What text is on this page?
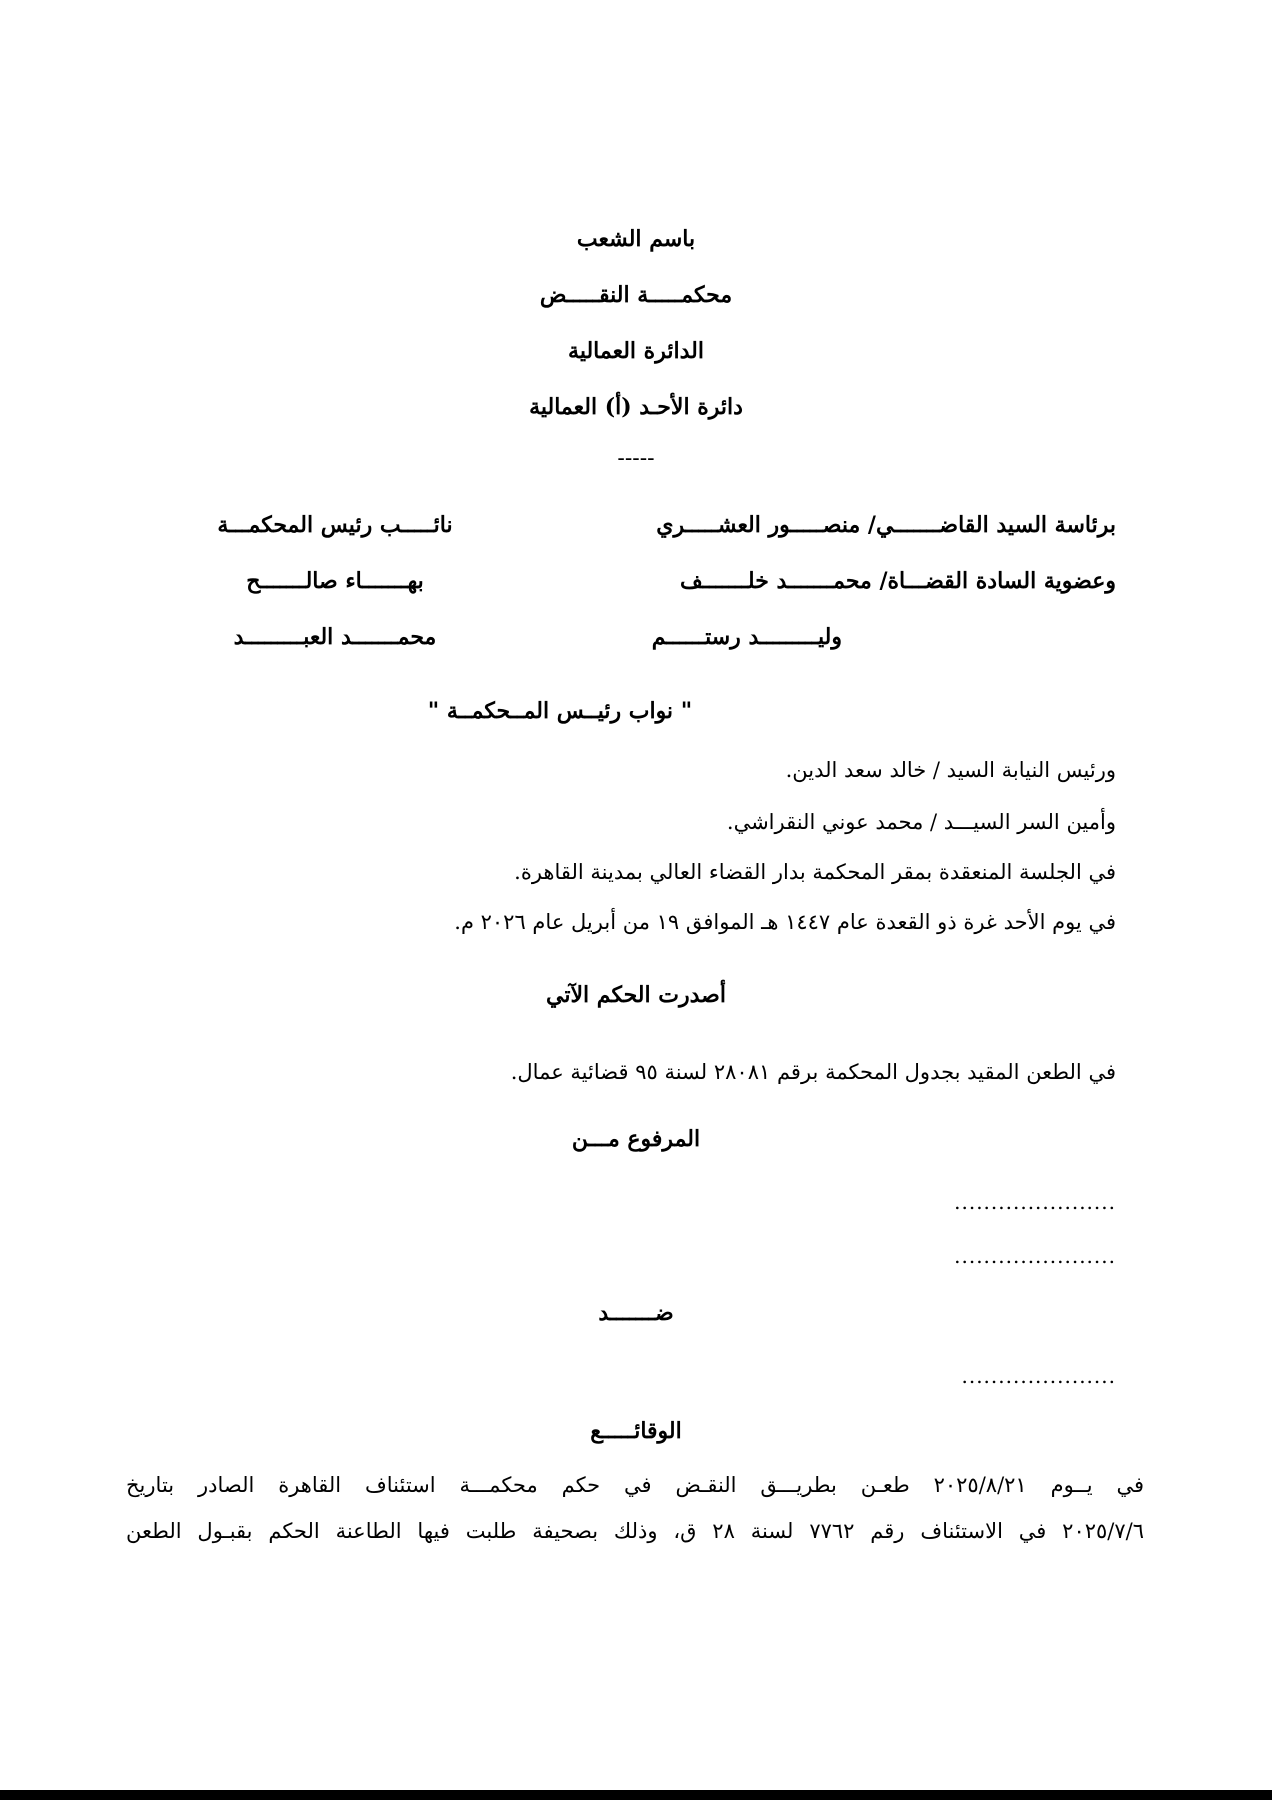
باسم الشعب
محكمـــــة النقـــــض
الدائرة العمالية
دائرة الأحـد (أ) العمالية
-----
برئاسة السيد القاضـــــــي/ منصـــــور العشـــــري
نائـــــب رئيس المحكمـــة
وعضوية السادة القضـــاة/ محمـــــــد خلـــــــف
بهـــــــاء صالـــــــح
وليـــــــــد رستــــــم
محمـــــــد العبـــــــــد
" نواب رئيــس المــحكمــة "
ورئيس النيابة السيد / خالد سعد الدين.
وأمين السر السيـــد / محمد عوني النقراشي.
في الجلسة المنعقدة بمقر المحكمة بدار القضاء العالي بمدينة القاهرة.
في يوم الأحد غرة ذو القعدة عام ١٤٤٧ هـ الموافق ١٩ من أبريل عام ٢٠٢٦ م.
أصدرت الحكم الآتي
في الطعن المقيد بجدول المحكمة برقم ٢٨٠٨١ لسنة ٩٥ قضائية عمال.
المرفوع مـــن
......................
......................
ضـــــــد
.....................
الوقائـــــع
في يــوم ٢٠٢٥/٨/٢١ طعـن بطريـــق النقـض في حكم محكمـــة استئناف القاهرة الصادر بتاريخ
٢٠٢٥/٧/٦ في الاستئناف رقم ٧٧٦٢ لسنة ٢٨ ق، وذلك بصحيفة طلبت فيها الطاعنة الحكم بقبـول الطعن
